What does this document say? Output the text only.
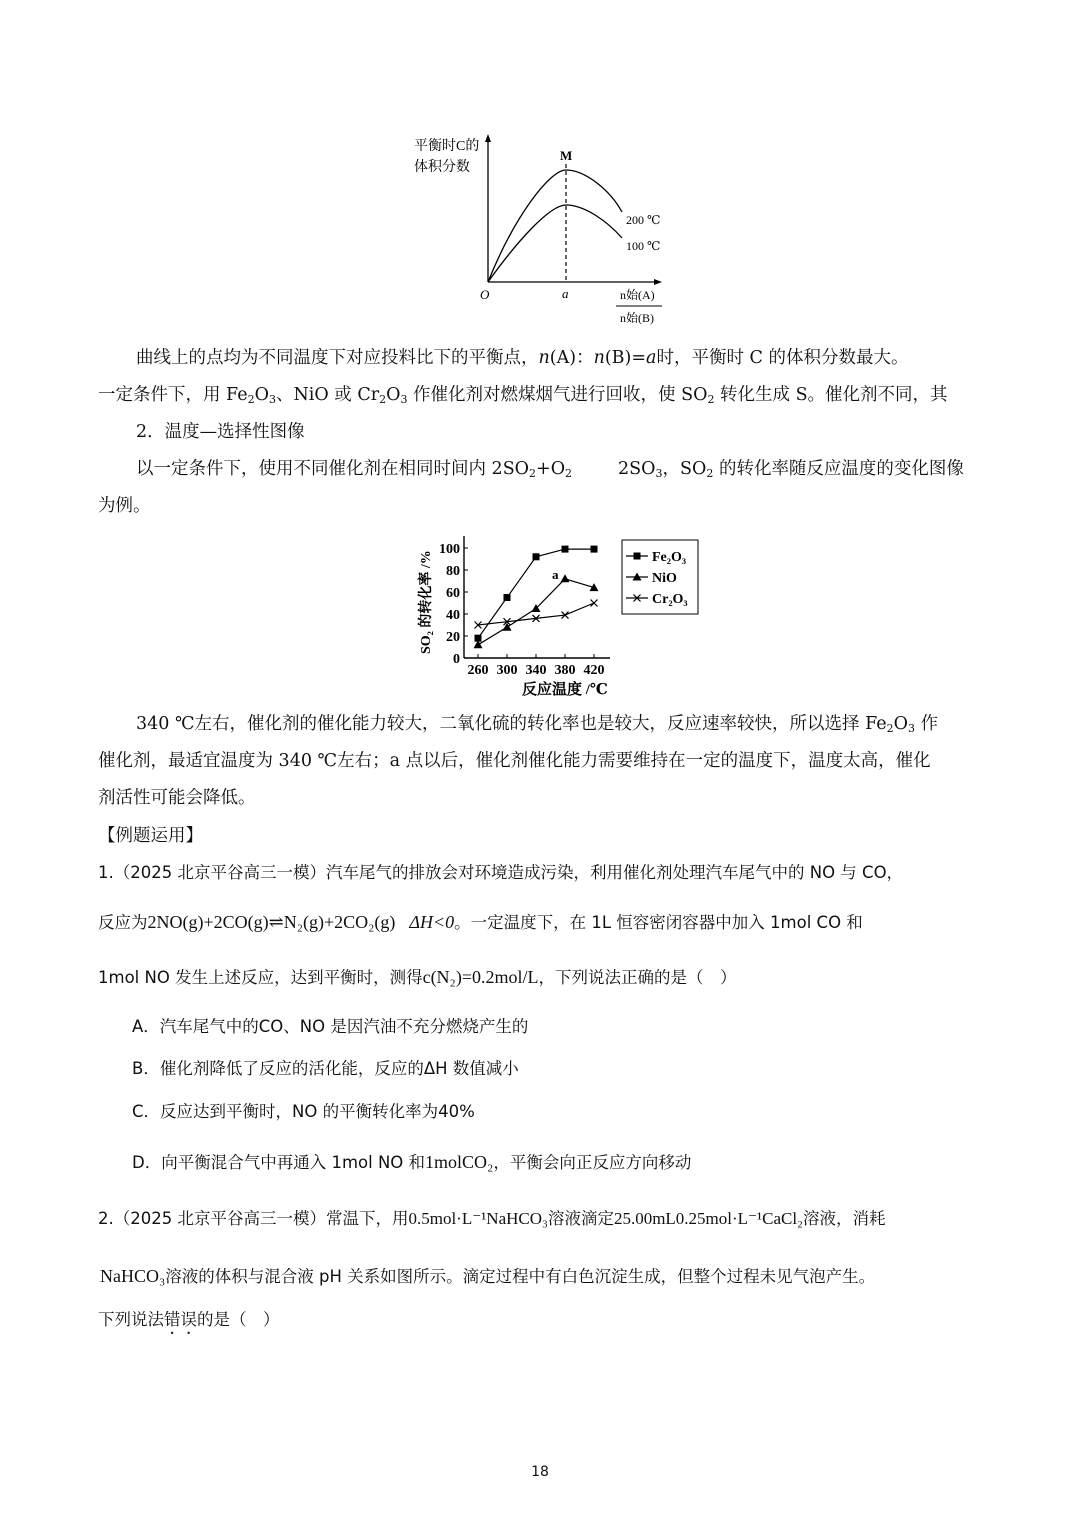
平衡时C的
体积分数
M
200 ℃
100 ℃
O	a	n始(A)
n始(B)
曲线上的点均为不同温度下对应投料比下的平衡点，n(A)：n(B)=a时，平衡时 C 的体积分数最大。
一定条件下，用 $Fe_2O_3$、NiO 或 $Cr_2O_3$ 作催化剂对燃煤烟气进行回收，使 $SO_2$ 转化生成 S。催化剂不同，其
2．温度—选择性图像
以一定条件下，使用不同催化剂在相同时间内 $2SO_2+O_2$	$2SO_3$，$SO_2$ 的转化率随反应温度的变化图像
为例。
SO₂ 的转化率 /%
0
20
40
60
80
100
260 300 340 380 420
a
反应温度 /℃
Fe₂O₃
NiO
Cr₂O₃
340 ℃左右，催化剂的催化能力较大，二氧化硫的转化率也是较大，反应速率较快，所以选择 $Fe_2O_3$ 作
催化剂，最适宜温度为 340 ℃左右；a 点以后，催化剂催化能力需要维持在一定的温度下，温度太高，催化
剂活性可能会降低。
【例题运用】
1.（2025 北京平谷高三一模）汽车尾气的排放会对环境造成污染，利用催化剂处理汽车尾气中的 NO 与 CO，
反应为2NO(g)+2CO(g)⇌N₂(g)+2CO₂(g) ΔH<0。一定温度下，在 1L 恒容密闭容器中加入 1mol CO 和
1mol NO 发生上述反应，达到平衡时，测得c(N₂)=0.2mol/L，下列说法正确的是（　）
A．汽车尾气中的CO、NO 是因汽油不充分燃烧产生的
B．催化剂降低了反应的活化能，反应的ΔH 数值减小
C．反应达到平衡时，NO 的平衡转化率为40%
D．向平衡混合气中再通入 1mol NO 和1molCO₂，平衡会向正反应方向移动
2.（2025 北京平谷高三一模）常温下，用0.5mol·L⁻¹NaHCO₃溶液滴定25.00mL0.25mol·L⁻¹CaCl₂溶液，消耗
NaHCO₃溶液的体积与混合液 pH 关系如图所示。滴定过程中有白色沉淀生成，但整个过程未见气泡产生。
下列说法错误的是（　）
18
